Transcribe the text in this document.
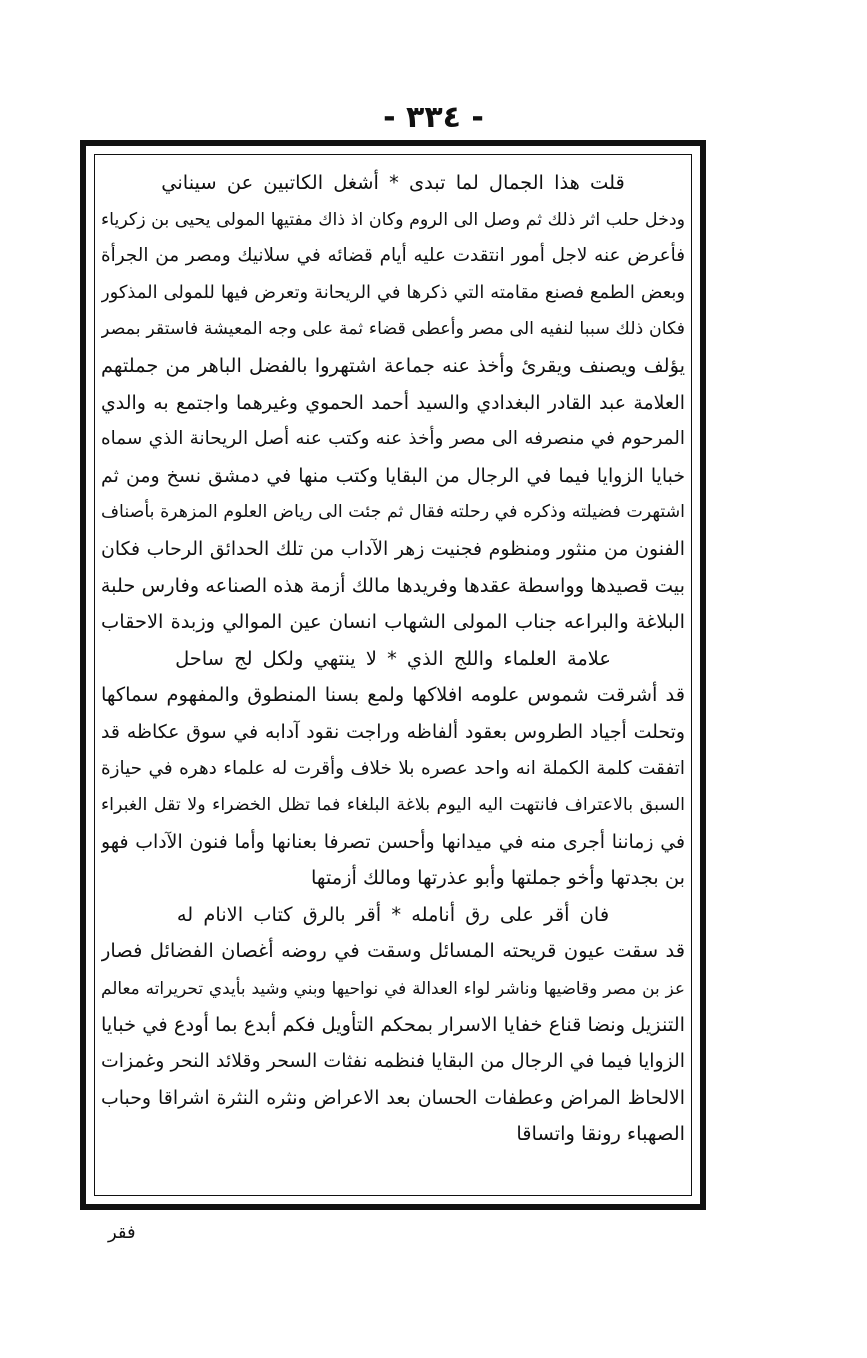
- ٣٣٤ -
قلت هذا الجمال لما تبدى * أشغل الكاتبين عن سيناني
ودخل حلب اثر ذلك ثم وصل الى الروم وكان اذ ذاك مفتيها المولى يحيى بن زكرياء
فأعرض عنه لاجل أمور انتقدت عليه أيام قضائه في سلانيك ومصر من الجرأة
وبعض الطمع فصنع مقامته التي ذكرها في الريحانة وتعرض فيها للمولى المذكور
فكان ذلك سببا لنفيه الى مصر وأعطى قضاء ثمة على وجه المعيشة فاستقر بمصر
يؤلف ويصنف ويقرئ وأخذ عنه جماعة اشتهروا بالفضل الباهر من جملتهم
العلامة عبد القادر البغدادي والسيد أحمد الحموي وغيرهما واجتمع به والدي
المرحوم في منصرفه الى مصر وأخذ عنه وكتب عنه أصل الريحانة الذي سماه
خبايا الزوايا فيما في الرجال من البقايا وكتب منها في دمشق نسخ ومن ثم
اشتهرت فضيلته وذكره في رحلته فقال ثم جئت الى رياض العلوم المزهرة بأصناف
الفنون من منثور ومنظوم فجنيت زهر الآداب من تلك الحدائق الرحاب فكان
بيت قصيدها وواسطة عقدها وفريدها مالك أزمة هذه الصناعه وفارس حلبة
البلاغة والبراعه جناب المولى الشهاب انسان عين الموالي وزبدة الاحقاب
علامة العلماء واللج الذي * لا ينتهي ولكل لج ساحل
قد أشرقت شموس علومه افلاكها ولمع بسنا المنطوق والمفهوم سماكها
وتحلت أجياد الطروس بعقود ألفاظه وراجت نقود آدابه في سوق عكاظه قد
اتفقت كلمة الكملة انه واحد عصره بلا خلاف وأقرت له علماء دهره في حيازة
السبق بالاعتراف فانتهت اليه اليوم بلاغة البلغاء فما تظل الخضراء ولا تقل الغبراء
في زماننا أجرى منه في ميدانها وأحسن تصرفا بعنانها وأما فنون الآداب فهو
بن بجدتها وأخو جملتها وأبو عذرتها ومالك أزمتها
فان أقر على رق أنامله * أقر بالرق كتاب الانام له
قد سقت عيون قريحته المسائل وسقت في روضه أغصان الفضائل فصار
عز بن مصر وقاضيها وناشر لواء العدالة في نواحيها وبني وشيد بأيدي تحريراته معالم
التنزيل ونضا قناع خفايا الاسرار بمحكم التأويل فكم أبدع بما أودع في خبايا
الزوايا فيما في الرجال من البقايا فنظمه نفثات السحر وقلائد النحر وغمزات
الالحاظ المراض وعطفات الحسان بعد الاعراض ونثره النثرة اشراقا وحباب
الصهباء رونقا واتساقا
فقر
